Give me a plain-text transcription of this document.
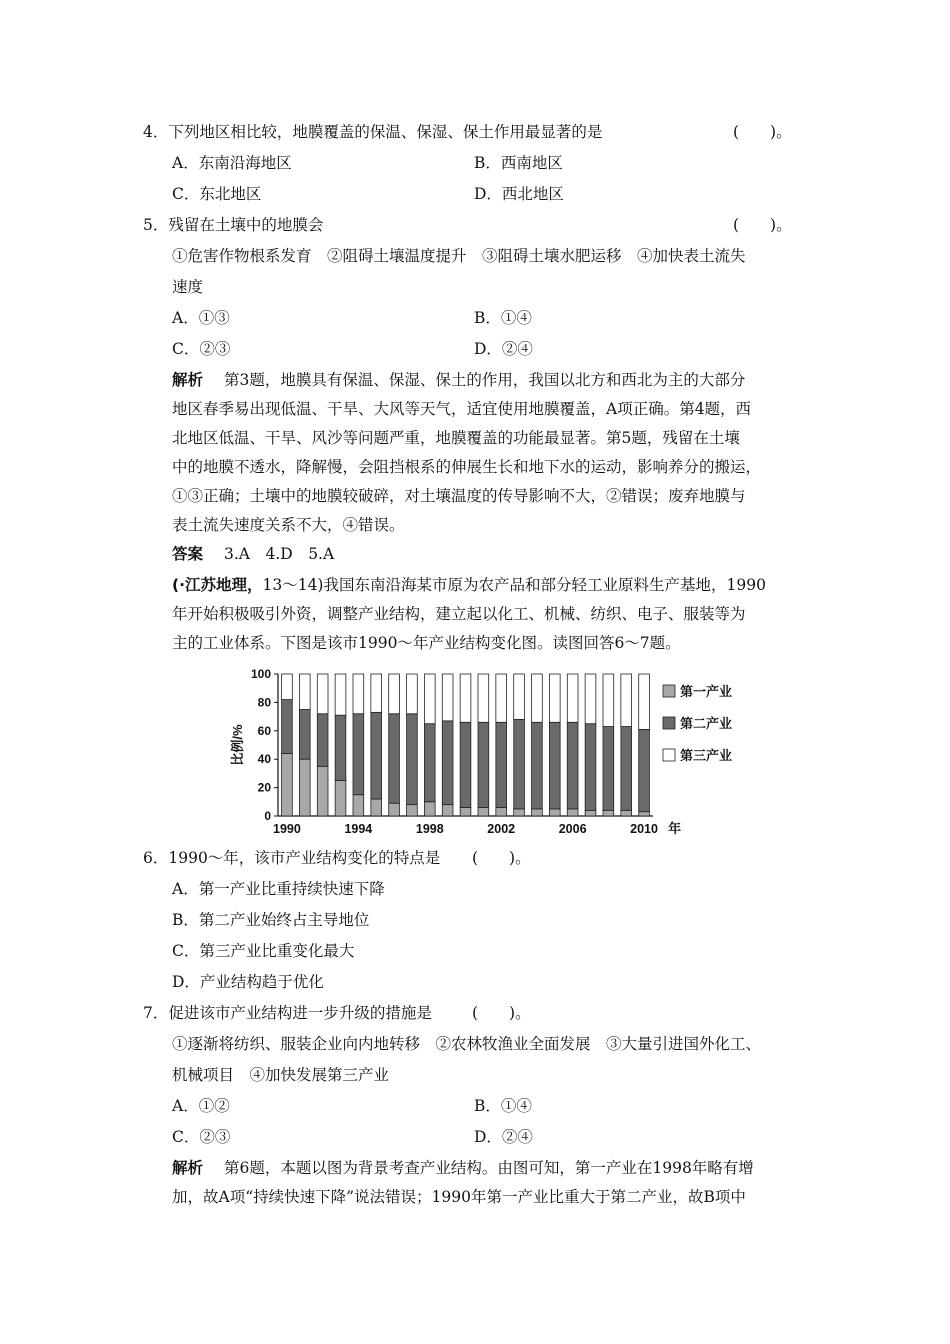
4．下列地区相比较，地膜覆盖的保温、保湿、保土作用最显著的是	(　　)。
A．东南沿海地区	B．西南地区
C．东北地区	D．西北地区
5．残留在土壤中的地膜会	(　　)。
①危害作物根系发育　②阻碍土壤温度提升　③阻碍土壤水肥运移　④加快表土流失
速度
A．①③	B．①④
C．②③	D．②④
解析 第3题，地膜具有保温、保湿、保土的作用，我国以北方和西北为主的大部分
地区春季易出现低温、干旱、大风等天气，适宜使用地膜覆盖，A项正确。第4题，西
北地区低温、干旱、风沙等问题严重，地膜覆盖的功能最显著。第5题，残留在土壤
中的地膜不透水，降解慢，会阻挡根系的伸展生长和地下水的运动，影响养分的搬运，
①③正确；土壤中的地膜较破碎，对土壤温度的传导影响不大，②错误；废弃地膜与
表土流失速度关系不大，④错误。
答案 3.A　4.D　5.A
(·江苏地理，13～14)我国东南沿海某市原为农产品和部分轻工业原料生产基地，1990
年开始积极吸引外资，调整产业结构，建立起以化工、机械、纺织、电子、服装等为
主的工业体系。下图是该市1990～年产业结构变化图。读图回答6～7题。
0
20
40
60
80
100
比例/%
1990	1994	1998	2002	2006	2010 年
第一产业
第二产业
第三产业
6．1990～年，该市产业结构变化的特点是 (　　)。
A．第一产业比重持续快速下降
B．第二产业始终占主导地位
C．第三产业比重变化最大
D．产业结构趋于优化
7．促进该市产业结构进一步升级的措施是	(　　)。
①逐渐将纺织、服装企业向内地转移　②农林牧渔业全面发展　③大量引进国外化工、
机械项目　④加快发展第三产业
A．①②	B．①④
C．②③	D．②④
解析 第6题，本题以图为背景考查产业结构。由图可知，第一产业在1998年略有增
加，故A项“持续快速下降”说法错误；1990年第一产业比重大于第二产业，故B项中
